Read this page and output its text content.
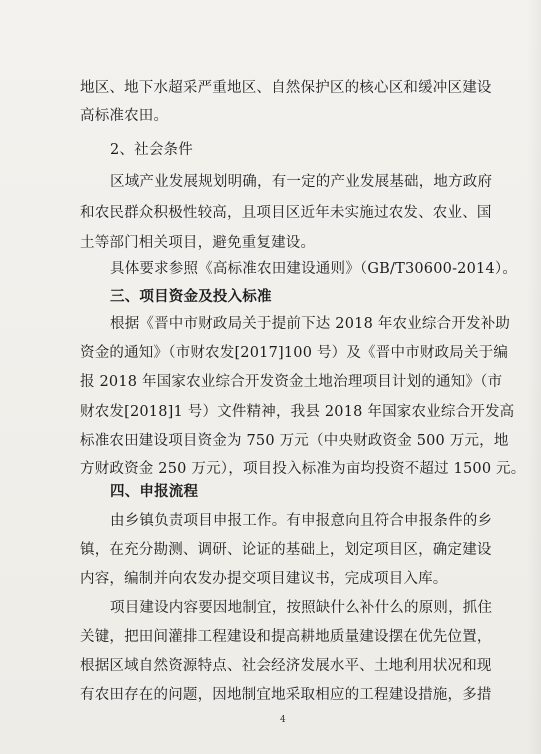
地区、地下水超采严重地区、自然保护区的核心区和缓冲区建设
高标准农田。
2、社会条件
区域产业发展规划明确，有一定的产业发展基础，地方政府
和农民群众积极性较高，且项目区近年未实施过农发、农业、国
土等部门相关项目，避免重复建设。
具体要求参照《高标准农田建设通则》（GB/T30600-2014）。
三、项目资金及投入标准
根据《晋中市财政局关于提前下达 2018 年农业综合开发补助
资金的通知》（市财农发[2017]100 号）及《晋中市财政局关于编
报 2018 年国家农业综合开发资金土地治理项目计划的通知》（市
财农发[2018]1 号）文件精神，我县 2018 年国家农业综合开发高
标准农田建设项目资金为 750 万元（中央财政资金 500 万元，地
方财政资金 250 万元），项目投入标准为亩均投资不超过 1500 元。
四、申报流程
由乡镇负责项目申报工作。有申报意向且符合申报条件的乡
镇，在充分勘测、调研、论证的基础上，划定项目区，确定建设
内容，编制并向农发办提交项目建议书，完成项目入库。
项目建设内容要因地制宜，按照缺什么补什么的原则，抓住
关键，把田间灌排工程建设和提高耕地质量建设摆在优先位置，
根据区域自然资源特点、社会经济发展水平、土地利用状况和现
有农田存在的问题，因地制宜地采取相应的工程建设措施，多措
4
